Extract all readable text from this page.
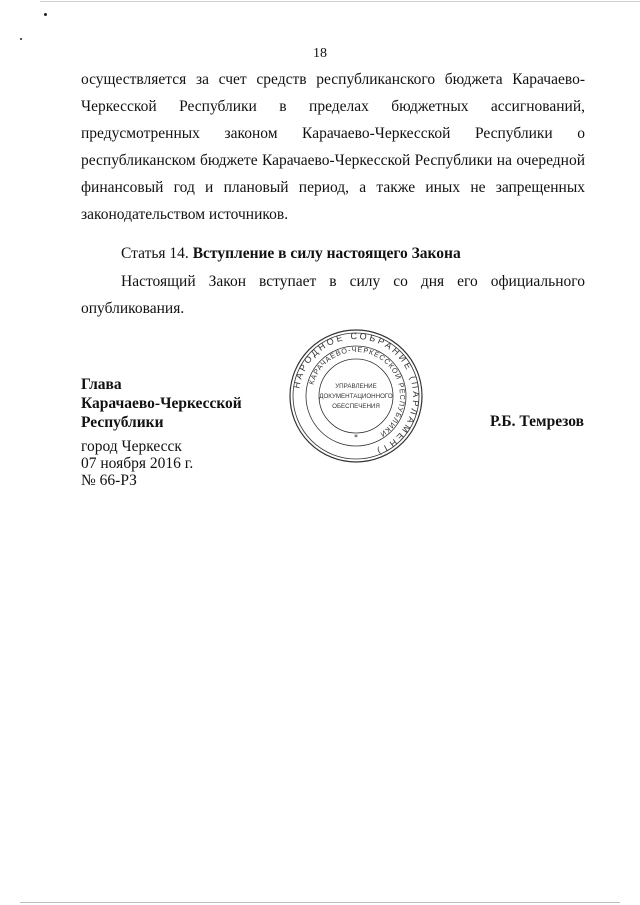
18
осуществляется за счет средств республиканского бюджета Карачаево-
Черкесской Республики в пределах бюджетных ассигнований,
предусмотренных законом Карачаево-Черкесской Республики о
республиканском бюджете Карачаево-Черкесской Республики на очередной
финансовый год и плановый период, а также иных не запрещенных
законодательством источников.
Статья 14. Вступление в силу настоящего Закона
Настоящий Закон вступает в силу со дня его официального
опубликования.
Глава
Карачаево-Черкесской
Республики
НАРОДНОЕ СОБРАНИЕ (ПАРЛАМЕНТ)
КАРАЧАЕВО-ЧЕРКЕССКОЙ РЕСПУБЛИКИ
УПРАВЛЕНИЕ
ДОКУМЕНТАЦИОННОГО
ОБЕСПЕЧЕНИЯ
*
Р.Б. Темрезов
город Черкесск
07 ноября 2016 г.
№ 66-РЗ
